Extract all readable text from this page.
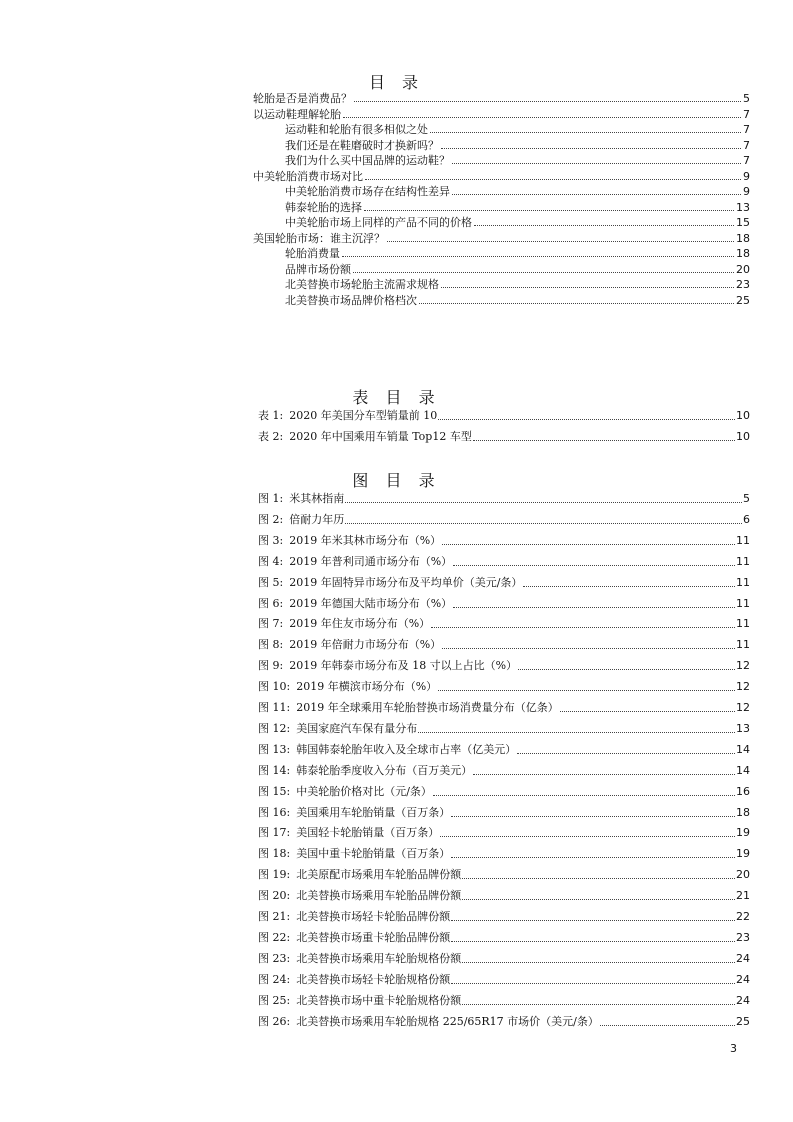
目 录
轮胎是否是消费品？	5
以运动鞋理解轮胎	7
运动鞋和轮胎有很多相似之处	7
我们还是在鞋磨破时才换新吗？	7
我们为什么买中国品牌的运动鞋？	7
中美轮胎消费市场对比	9
中美轮胎消费市场存在结构性差异	9
韩泰轮胎的选择	13
中美轮胎市场上同样的产品不同的价格	15
美国轮胎市场：谁主沉浮？	18
轮胎消费量	18
品牌市场份额	20
北美替换市场轮胎主流需求规格	23
北美替换市场品牌价格档次	25
表 目 录
表 1: 2020 年美国分车型销量前 10	10
表 2: 2020 年中国乘用车销量 Top12 车型	10
图 目 录
图 1: 米其林指南	5
图 2: 倍耐力年历	6
图 3: 2019 年米其林市场分布（%）	11
图 4: 2019 年普利司通市场分布（%）	11
图 5: 2019 年固特异市场分布及平均单价（美元/条）	11
图 6: 2019 年德国大陆市场分布（%）	11
图 7: 2019 年住友市场分布（%）	11
图 8: 2019 年倍耐力市场分布（%）	11
图 9: 2019 年韩泰市场分布及 18 寸以上占比（%）	12
图 10: 2019 年横滨市场分布（%）	12
图 11: 2019 年全球乘用车轮胎替换市场消费量分布（亿条）	12
图 12: 美国家庭汽车保有量分布	13
图 13: 韩国韩泰轮胎年收入及全球市占率（亿美元）	14
图 14: 韩泰轮胎季度收入分布（百万美元）	14
图 15: 中美轮胎价格对比（元/条）	16
图 16: 美国乘用车轮胎销量（百万条）	18
图 17: 美国轻卡轮胎销量（百万条）	19
图 18: 美国中重卡轮胎销量（百万条）	19
图 19: 北美原配市场乘用车轮胎品牌份额	20
图 20: 北美替换市场乘用车轮胎品牌份额	21
图 21: 北美替换市场轻卡轮胎品牌份额	22
图 22: 北美替换市场重卡轮胎品牌份额	23
图 23: 北美替换市场乘用车轮胎规格份额	24
图 24: 北美替换市场轻卡轮胎规格份额	24
图 25: 北美替换市场中重卡轮胎规格份额	24
图 26: 北美替换市场乘用车轮胎规格 225/65R17 市场价（美元/条）	25
3
